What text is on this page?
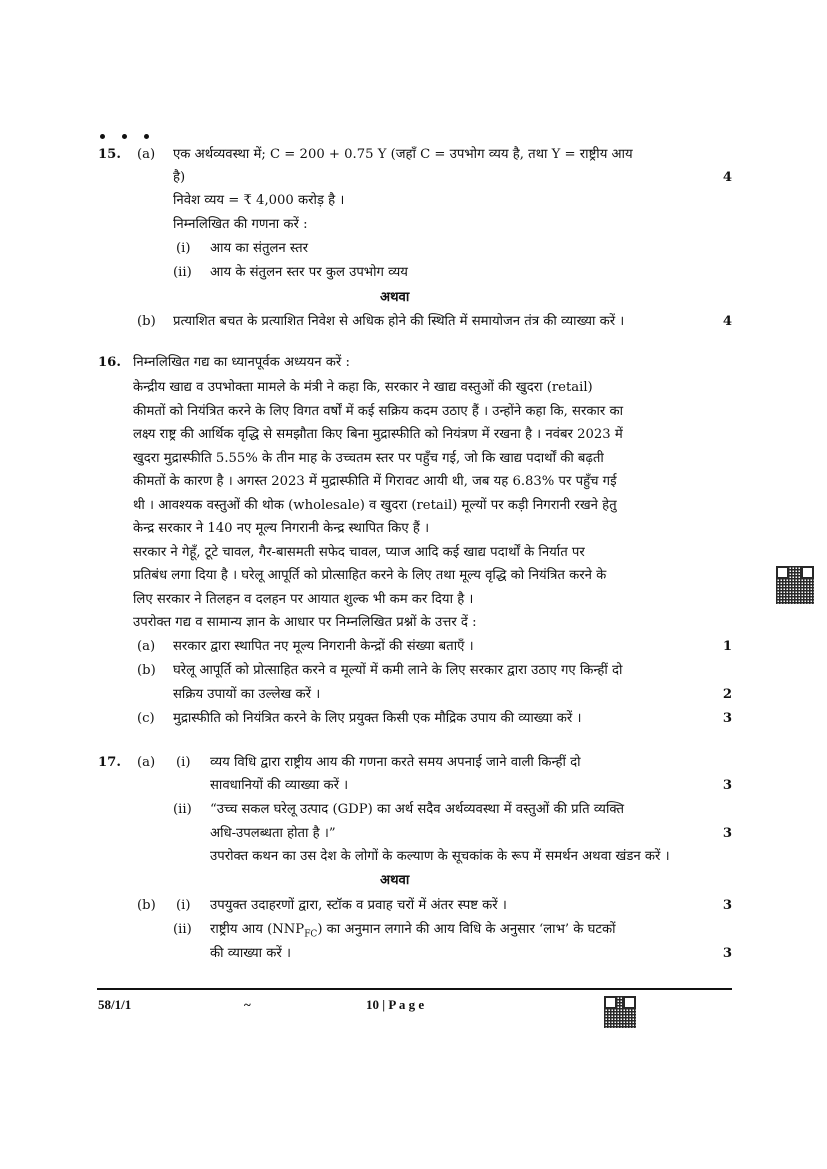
15. (a) एक अर्थव्यवस्था में; C = 200 + 0.75 Y (जहाँ C = उपभोग व्यय है, तथा Y = राष्ट्रीय आय
है)	4
निवेश व्यय = ₹ 4,000 करोड़ है ।
निम्नलिखित की गणना करें :
(i) आय का संतुलन स्तर
(ii) आय के संतुलन स्तर पर कुल उपभोग व्यय
अथवा
(b) प्रत्याशित बचत के प्रत्याशित निवेश से अधिक होने की स्थिति में समायोजन तंत्र की व्याख्या करें ।	4
16. निम्नलिखित गद्य का ध्यानपूर्वक अध्ययन करें :
केन्द्रीय खाद्य व उपभोक्ता मामले के मंत्री ने कहा कि, सरकार ने खाद्य वस्तुओं की खुदरा (retail)
कीमतों को नियंत्रित करने के लिए विगत वर्षों में कई सक्रिय कदम उठाए हैं । उन्होंने कहा कि, सरकार का
लक्ष्य राष्ट्र की आर्थिक वृद्धि से समझौता किए बिना मुद्रास्फीति को नियंत्रण में रखना है । नवंबर 2023 में
खुदरा मुद्रास्फीति 5.55% के तीन माह के उच्चतम स्तर पर पहुँच गई, जो कि खाद्य पदार्थों की बढ़ती
कीमतों के कारण है । अगस्त 2023 में मुद्रास्फीति में गिरावट आयी थी, जब यह 6.83% पर पहुँच गई
थी । आवश्यक वस्तुओं की थोक (wholesale) व खुदरा (retail) मूल्यों पर कड़ी निगरानी रखने हेतु
केन्द्र सरकार ने 140 नए मूल्य निगरानी केन्द्र स्थापित किए हैं ।
सरकार ने गेहूँ, टूटे चावल, गैर-बासमती सफेद चावल, प्याज आदि कई खाद्य पदार्थों के निर्यात पर
प्रतिबंध लगा दिया है । घरेलू आपूर्ति को प्रोत्साहित करने के लिए तथा मूल्य वृद्धि को नियंत्रित करने के
लिए सरकार ने तिलहन व दलहन पर आयात शुल्क भी कम कर दिया है ।
उपरोक्त गद्य व सामान्य ज्ञान के आधार पर निम्नलिखित प्रश्नों के उत्तर दें :
(a) सरकार द्वारा स्थापित नए मूल्य निगरानी केन्द्रों की संख्या बताएँ ।	1
(b) घरेलू आपूर्ति को प्रोत्साहित करने व मूल्यों में कमी लाने के लिए सरकार द्वारा उठाए गए किन्हीं दो
सक्रिय उपायों का उल्लेख करें ।	2
(c) मुद्रास्फीति को नियंत्रित करने के लिए प्रयुक्त किसी एक मौद्रिक उपाय की व्याख्या करें ।	3
17. (a) (i) व्यय विधि द्वारा राष्ट्रीय आय की गणना करते समय अपनाई जाने वाली किन्हीं दो
सावधानियों की व्याख्या करें ।	3
(ii) “उच्च सकल घरेलू उत्पाद (GDP) का अर्थ सदैव अर्थव्यवस्था में वस्तुओं की प्रति व्यक्ति
अधि-उपलब्धता होता है ।”	3
उपरोक्त कथन का उस देश के लोगों के कल्याण के सूचकांक के रूप में समर्थन अथवा खंडन करें ।
अथवा
(b) (i) उपयुक्त उदाहरणों द्वारा, स्टॉक व प्रवाह चरों में अंतर स्पष्ट करें ।	3
(ii) राष्ट्रीय आय $(NNP_{FC})$ का अनुमान लगाने की आय विधि के अनुसार ‘लाभ’ के घटकों
की व्याख्या करें ।	3
58/1/1	~	10 | P a g e
